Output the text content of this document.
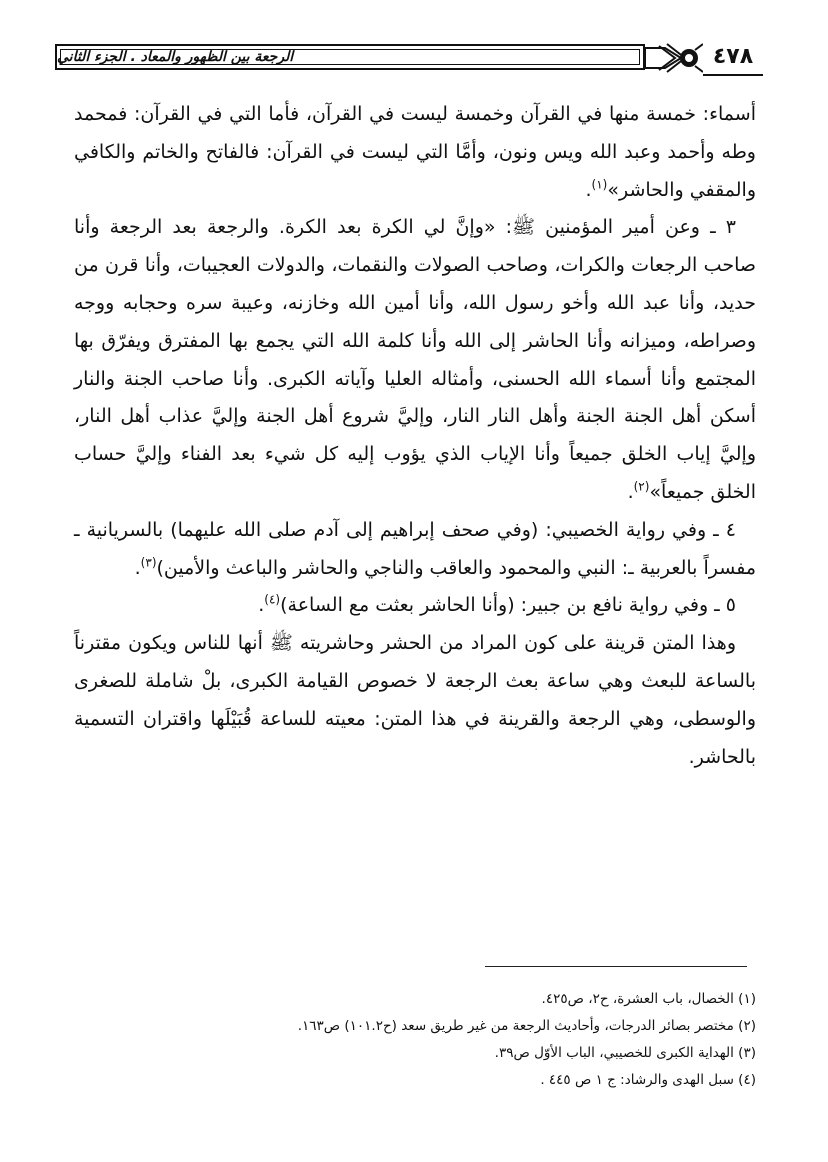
الرجعة بين الظهور والمعاد . الجزء الثاني	٤٧٨

أسماء: خمسة منها في القرآن وخمسة ليست في القرآن، فأما التي في القرآن: فمحمد وطه وأحمد وعبد الله ويس ونون، وأمَّا التي ليست في القرآن: فالفاتح والخاتم والكافي والمقفي والحاشر»$^{(١)}$.

٣ ـ وعن أمير المؤمنين ﷺ: «وإنَّ لي الكرة بعد الكرة. والرجعة بعد الرجعة وأنا صاحب الرجعات والكرات، وصاحب الصولات والنقمات، والدولات العجيبات، وأنا قرن من حديد، وأنا عبد الله وأخو رسول الله، وأنا أمين الله وخازنه، وعيبة سره وحجابه ووجه وصراطه، وميزانه وأنا الحاشر إلى الله وأنا كلمة الله التي يجمع بها المفترق ويفرّق بها المجتمع وأنا أسماء الله الحسنى، وأمثاله العليا وآياته الكبرى. وأنا صاحب الجنة والنار أسكن أهل الجنة الجنة وأهل النار النار، وإليَّ شروع أهل الجنة وإليَّ عذاب أهل النار، وإليَّ إياب الخلق جميعاً وأنا الإياب الذي يؤوب إليه كل شيء بعد الفناء وإليَّ حساب الخلق جميعاً»$^{(٢)}$.

٤ ـ وفي رواية الخصيبي: (وفي صحف إبراهيم إلى آدم صلى الله عليهما) بالسريانية ـ مفسراً بالعربية ـ: النبي والمحمود والعاقب والناجي والحاشر والباعث والأمين)$^{(٣)}$.

٥ ـ وفي رواية نافع بن جبير: (وأنا الحاشر بعثت مع الساعة)$^{(٤)}$.

وهذا المتن قرينة على كون المراد من الحشر وحاشريته ﷺ أنها للناس ويكون مقترناً بالساعة للبعث وهي ساعة بعث الرجعة لا خصوص القيامة الكبرى، بلْ شاملة للصغرى والوسطى، وهي الرجعة والقرينة في هذا المتن: معيته للساعة قُبَيْلَها واقتران التسمية بالحاشر.

(١) الخصال، باب العشرة، ح٢، ص٤٢٥.

(٢) مختصر بصائر الدرجات، وأحاديث الرجعة من غير طريق سعد (ح١٠١.٢) ص١٦٣.

(٣) الهداية الكبرى للخصيبي، الباب الأوّل ص٣٩.

(٤) سبل الهدى والرشاد: ج ١ ص ٤٤٥ .
